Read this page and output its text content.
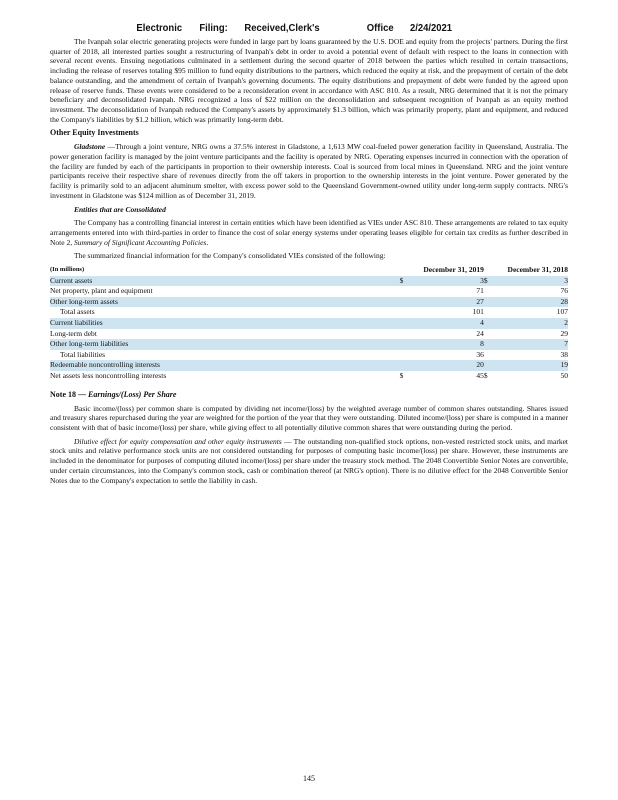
Electronic Filing: Received,Clerk's	Office 2/24/2021

The Ivanpah solar electric generating projects were funded in large part by loans guaranteed by the U.S. DOE and equity from the projects' partners. During the first quarter of 2018, all interested parties sought a restructuring of Ivanpah's debt in order to avoid a potential event of default with respect to the loans in connection with several recent events. Ensuing negotiations culminated in a settlement during the second quarter of 2018 between the parties which resulted in certain transactions, including the release of reserves totaling $95 million to fund equity distributions to the partners, which reduced the equity at risk, and the prepayment of certain of the debt balance outstanding, and the amendment of certain of Ivanpah's governing documents. The equity distributions and prepayment of debt were funded by the agreed upon release of reserve funds. These events were considered to be a reconsideration event in accordance with ASC 810. As a result, NRG determined that it is not the primary beneficiary and deconsolidated Ivanpah. NRG recognized a loss of $22 million on the deconsolidation and subsequent recognition of Ivanpah as an equity method investment. The deconsolidation of Ivanpah reduced the Company's assets by approximately $1.3 billion, which was primarily property, plant and equipment, and reduced the Company's liabilities by $1.2 billion, which was primarily long-term debt.

Other Equity Investments

Gladstone —Through a joint venture, NRG owns a 37.5% interest in Gladstone, a 1,613 MW coal-fueled power generation facility in Queensland, Australia. The power generation facility is managed by the joint venture participants and the facility is operated by NRG. Operating expenses incurred in connection with the operation of the facility are funded by each of the participants in proportion to their ownership interests. Coal is sourced from local mines in Queensland. NRG and the joint venture participants receive their respective share of revenues directly from the off takers in proportion to the ownership interests in the joint venture. Power generated by the facility is primarily sold to an adjacent aluminum smelter, with excess power sold to the Queensland Government-owned utility under long-term supply contracts. NRG's investment in Gladstone was $124 million as of December 31, 2019.

Entities that are Consolidated

The Company has a controlling financial interest in certain entities which have been identified as VIEs under ASC 810. These arrangements are related to tax equity arrangements entered into with third-parties in order to finance the cost of solar energy systems under operating leases eligible for certain tax credits as further described in Note 2, Summary of Significant Accounting Policies.

The summarized financial information for the Company's consolidated VIEs consisted of the following:

(In millions)	December 31, 2019	December 31, 2018
Current assets	$ 3	$ 3
Net property, plant and equipment	71	76
Other long-term assets	27	28
Total assets	101	107
Current liabilities	4	2
Long-term debt	24	29
Other long-term liabilities	8	7
Total liabilities	36	38
Redeemable noncontrolling interests	20	19
Net assets less noncontrolling interests	$ 45	$ 50

Note 18 — Earnings/(Loss) Per Share

Basic income/(loss) per common share is computed by dividing net income/(loss) by the weighted average number of common shares outstanding. Shares issued and treasury shares repurchased during the year are weighted for the portion of the year that they were outstanding. Diluted income/(loss) per share is computed in a manner consistent with that of basic income/(loss) per share, while giving effect to all potentially dilutive common shares that were outstanding during the period.

Dilutive effect for equity compensation and other equity instruments — The outstanding non-qualified stock options, non-vested restricted stock units, and market stock units and relative performance stock units are not considered outstanding for purposes of computing basic income/(loss) per share. However, these instruments are included in the denominator for purposes of computing diluted income/(loss) per share under the treasury stock method. The 2048 Convertible Senior Notes are convertible, under certain circumstances, into the Company's common stock, cash or combination thereof (at NRG's option). There is no dilutive effect for the 2048 Convertible Senior Notes due to the Company's expectation to settle the liability in cash.

145
